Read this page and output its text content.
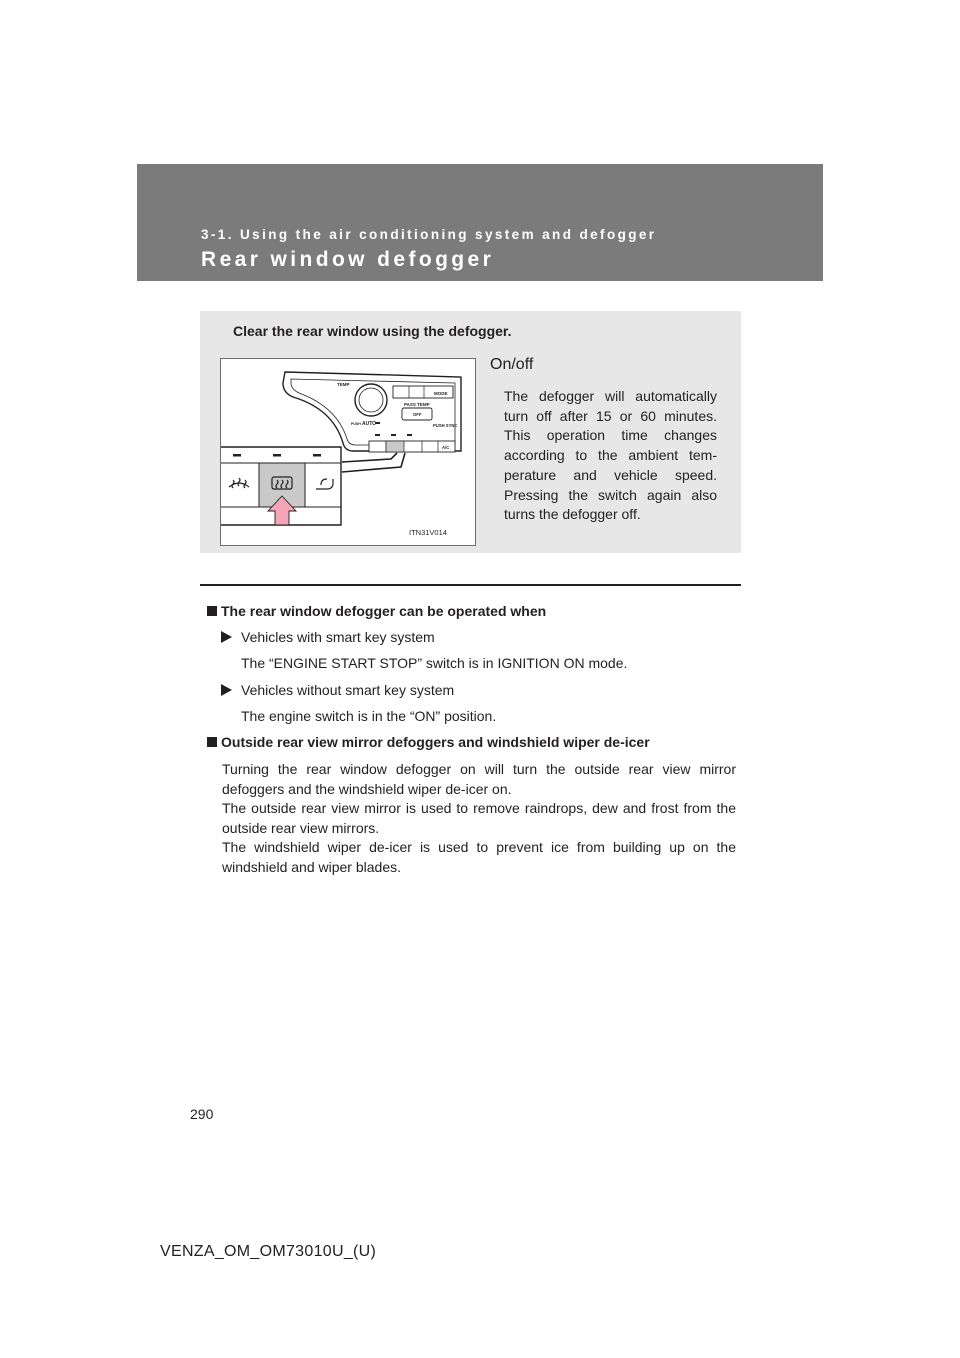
3-1. Using the air conditioning system and defogger
Rear window defogger
Clear the rear window using the defogger.
TEMP
MODE
PASS TEMP
PUSH AUTO
OFF
PUSH SYNC
A/C
ITN31V014
On/off
The defogger will automatically turn off after 15 or 60 minutes. This operation time changes according to the ambient tem- perature and vehicle speed. Pressing the switch again also turns the defogger off.
The rear window defogger can be operated when
Vehicles with smart key system
The “ENGINE START STOP” switch is in IGNITION ON mode.
Vehicles without smart key system
The engine switch is in the “ON” position.
Outside rear view mirror defoggers and windshield wiper de-icer
Turning the rear window defogger on will turn the outside rear view mirror defoggers and the windshield wiper de-icer on.
The outside rear view mirror is used to remove raindrops, dew and frost from the outside rear view mirrors.
The windshield wiper de-icer is used to prevent ice from building up on the windshield and wiper blades.
290
VENZA_OM_OM73010U_(U)
